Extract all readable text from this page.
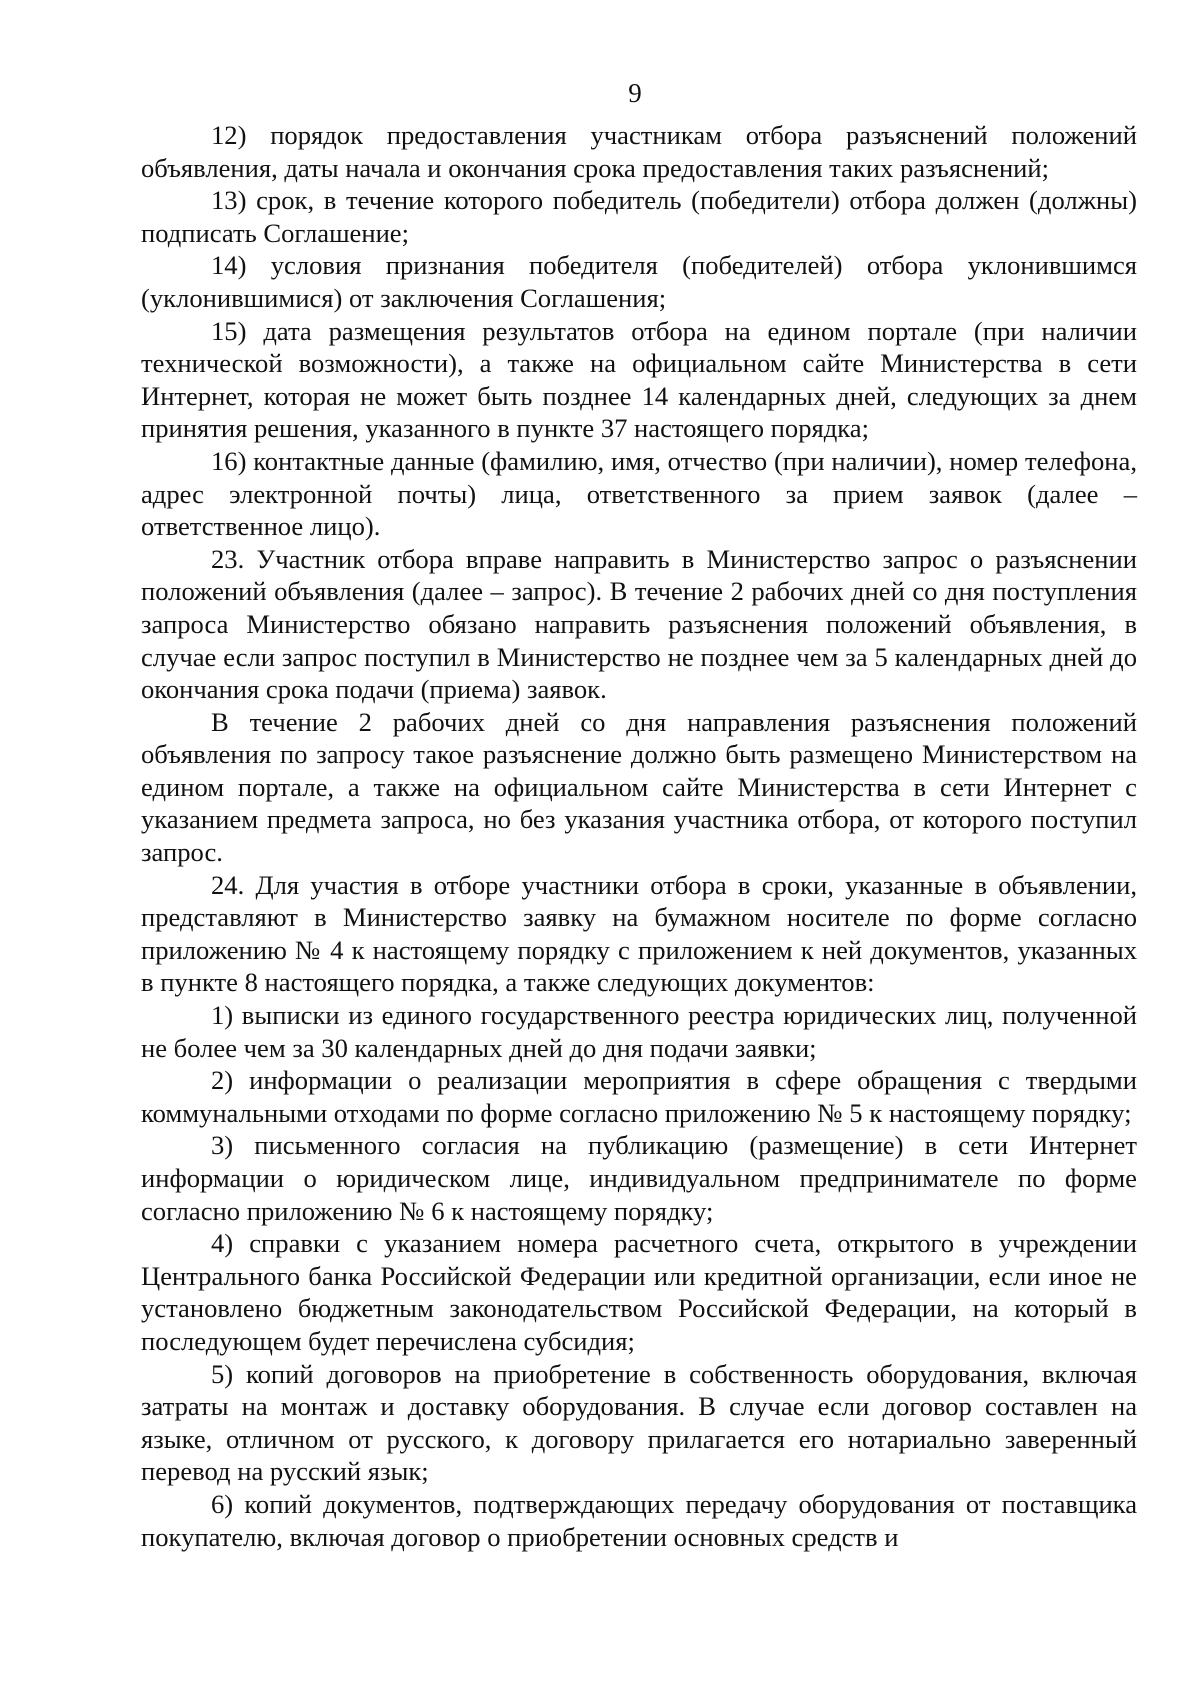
9

12) порядок предоставления участникам отбора разъяснений положений объявления, даты начала и окончания срока предоставления таких разъяснений;

13) срок, в течение которого победитель (победители) отбора должен (должны) подписать Соглашение;

14) условия признания победителя (победителей) отбора уклонившимся (уклонившимися) от заключения Соглашения;

15) дата размещения результатов отбора на едином портале (при наличии технической возможности), а также на официальном сайте Министерства в сети Интернет, которая не может быть позднее 14 календарных дней, следующих за днем принятия решения, указанного в пункте 37 настоящего порядка;

16) контактные данные (фамилию, имя, отчество (при наличии), номер телефона, адрес электронной почты) лица, ответственного за прием заявок (далее – ответственное лицо).

23. Участник отбора вправе направить в Министерство запрос о разъяснении положений объявления (далее – запрос). В течение 2 рабочих дней со дня поступления запроса Министерство обязано направить разъяснения положений объявления, в случае если запрос поступил в Министерство не позднее чем за 5 календарных дней до окончания срока подачи (приема) заявок.

В течение 2 рабочих дней со дня направления разъяснения положений объявления по запросу такое разъяснение должно быть размещено Министерством на едином портале, а также на официальном сайте Министерства в сети Интернет с указанием предмета запроса, но без указания участника отбора, от которого поступил запрос.

24. Для участия в отборе участники отбора в сроки, указанные в объявлении, представляют в Министерство заявку на бумажном носителе по форме согласно приложению № 4 к настоящему порядку с приложением к ней документов, указанных в пункте 8 настоящего порядка, а также следующих документов:

1) выписки из единого государственного реестра юридических лиц, полученной не более чем за 30 календарных дней до дня подачи заявки;

2) информации о реализации мероприятия в сфере обращения с твердыми коммунальными отходами по форме согласно приложению № 5 к настоящему порядку;

3) письменного согласия на публикацию (размещение) в сети Интернет информации о юридическом лице, индивидуальном предпринимателе по форме согласно приложению № 6 к настоящему порядку;

4) справки с указанием номера расчетного счета, открытого в учреждении Центрального банка Российской Федерации или кредитной организации, если иное не установлено бюджетным законодательством Российской Федерации, на который в последующем будет перечислена субсидия;

5) копий договоров на приобретение в собственность оборудования, включая затраты на монтаж и доставку оборудования. В случае если договор составлен на языке, отличном от русского, к договору прилагается его нотариально заверенный перевод на русский язык;

6) копий документов, подтверждающих передачу оборудования от поставщика покупателю, включая договор о приобретении основных средств и
